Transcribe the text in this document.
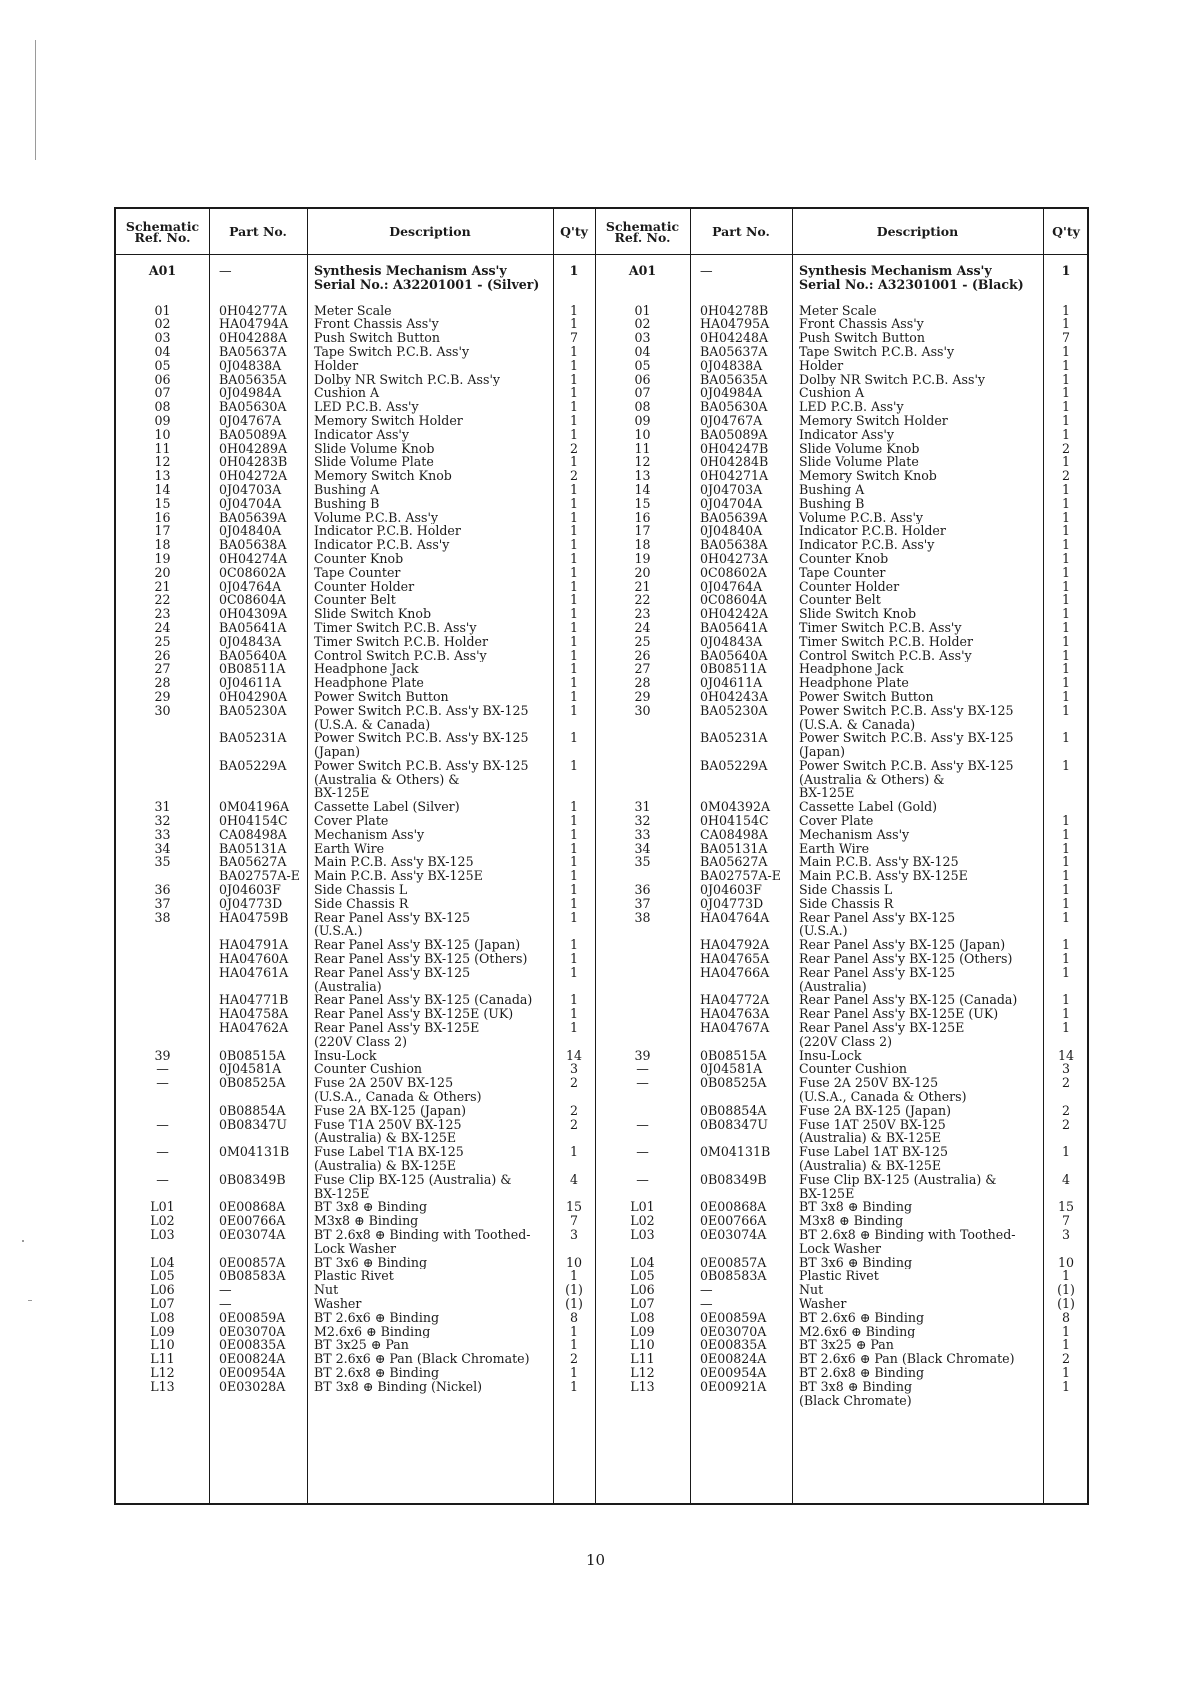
Schematic
Ref. No.	Part No.	Description	Q'ty	Schematic
Ref. No.	Part No.	Description	Q'ty
A01	—	Synthesis Mechanism Ass'y
Serial No.: A32201001 - (Silver)
1
01	0H04277A	Meter Scale	1
02	HA04794A	Front Chassis Ass'y	1
03	0H04288A	Push Switch Button	7
04	BA05637A	Tape Switch P.C.B. Ass'y	1
05	0J04838A	Holder	1
06	BA05635A	Dolby NR Switch P.C.B. Ass'y	1
07	0J04984A	Cushion A	1
08	BA05630A	LED P.C.B. Ass'y	1
09	0J04767A	Memory Switch Holder	1
10	BA05089A	Indicator Ass'y	1
11	0H04289A	Slide Volume Knob	2
12	0H04283B	Slide Volume Plate	1
13	0H04272A	Memory Switch Knob	2
14	0J04703A	Bushing A	1
15	0J04704A	Bushing B	1
16	BA05639A	Volume P.C.B. Ass'y	1
17	0J04840A	Indicator P.C.B. Holder	1
18	BA05638A	Indicator P.C.B. Ass'y	1
19	0H04274A	Counter Knob	1
20	0C08602A	Tape Counter	1
21	0J04764A	Counter Holder	1
22	0C08604A	Counter Belt	1
23	0H04309A	Slide Switch Knob	1
24	BA05641A	Timer Switch P.C.B. Ass'y	1
25	0J04843A	Timer Switch P.C.B. Holder	1
26	BA05640A	Control Switch P.C.B. Ass'y	1
27	0B08511A	Headphone Jack	1
28	0J04611A	Headphone Plate	1
29	0H04290A	Power Switch Button	1
30	BA05230A	Power Switch P.C.B. Ass'y BX-125
(U.S.A. & Canada)
1
BA05231A	Power Switch P.C.B. Ass'y BX-125
(Japan)
1
BA05229A	Power Switch P.C.B. Ass'y BX-125
(Australia & Others) &
BX-125E
1
31	0M04196A	Cassette Label (Silver)	1
32	0H04154C	Cover Plate	1
33	CA08498A	Mechanism Ass'y	1
34	BA05131A	Earth Wire	1
35	BA05627A	Main P.C.B. Ass'y BX-125	1
BA02757A-E	Main P.C.B. Ass'y BX-125E	1
36	0J04603F	Side Chassis L	1
37	0J04773D	Side Chassis R	1
38	HA04759B	Rear Panel Ass'y BX-125
(U.S.A.)
1
HA04791A	Rear Panel Ass'y BX-125 (Japan)	1
HA04760A	Rear Panel Ass'y BX-125 (Others)	1
HA04761A	Rear Panel Ass'y BX-125
(Australia)
1
HA04771B	Rear Panel Ass'y BX-125 (Canada)	1
HA04758A	Rear Panel Ass'y BX-125E (UK)	1
HA04762A	Rear Panel Ass'y BX-125E
(220V Class 2)
1
39	0B08515A	Insu-Lock	14
—	0J04581A	Counter Cushion	3
—	0B08525A	Fuse 2A 250V BX-125
(U.S.A., Canada & Others)
2
0B08854A	Fuse 2A BX-125 (Japan)	2
—	0B08347U	Fuse T1A 250V BX-125
(Australia) & BX-125E
2
—	0M04131B	Fuse Label T1A BX-125
(Australia) & BX-125E
1
—	0B08349B	Fuse Clip BX-125 (Australia) &
BX-125E
4
L01	0E00868A	BT 3x8 ⊕ Binding	15
L02	0E00766A	M3x8 ⊕ Binding	7
L03	0E03074A	BT 2.6x8 ⊕ Binding with Toothed-
Lock Washer
3
L04	0E00857A	BT 3x6 ⊕ Binding	10
L05	0B08583A	Plastic Rivet	1
L06	—	Nut	(1)
L07	—	Washer	(1)
L08	0E00859A	BT 2.6x6 ⊕ Binding	8
L09	0E03070A	M2.6x6 ⊕ Binding	1
L10	0E00835A	BT 3x25 ⊕ Pan	1
L11	0E00824A	BT 2.6x6 ⊕ Pan (Black Chromate)	2
L12	0E00954A	BT 2.6x8 ⊕ Binding	1
L13	0E03028A	BT 3x8 ⊕ Binding (Nickel)	1
A01	—	Synthesis Mechanism Ass'y
Serial No.: A32301001 - (Black)
1
01	0H04278B	Meter Scale	1
02	HA04795A	Front Chassis Ass'y	1
03	0H04248A	Push Switch Button	7
04	BA05637A	Tape Switch P.C.B. Ass'y	1
05	0J04838A	Holder	1
06	BA05635A	Dolby NR Switch P.C.B. Ass'y	1
07	0J04984A	Cushion A	1
08	BA05630A	LED P.C.B. Ass'y	1
09	0J04767A	Memory Switch Holder	1
10	BA05089A	Indicator Ass'y	1
11	0H04247B	Slide Volume Knob	2
12	0H04284B	Slide Volume Plate	1
13	0H04271A	Memory Switch Knob	2
14	0J04703A	Bushing A	1
15	0J04704A	Bushing B	1
16	BA05639A	Volume P.C.B. Ass'y	1
17	0J04840A	Indicator P.C.B. Holder	1
18	BA05638A	Indicator P.C.B. Ass'y	1
19	0H04273A	Counter Knob	1
20	0C08602A	Tape Counter	1
21	0J04764A	Counter Holder	1
22	0C08604A	Counter Belt	1
23	0H04242A	Slide Switch Knob	1
24	BA05641A	Timer Switch P.C.B. Ass'y	1
25	0J04843A	Timer Switch P.C.B. Holder	1
26	BA05640A	Control Switch P.C.B. Ass'y	1
27	0B08511A	Headphone Jack	1
28	0J04611A	Headphone Plate	1
29	0H04243A	Power Switch Button	1
30	BA05230A	Power Switch P.C.B. Ass'y BX-125
(U.S.A. & Canada)
1
BA05231A	Power Switch P.C.B. Ass'y BX-125
(Japan)
1
BA05229A	Power Switch P.C.B. Ass'y BX-125
(Australia & Others) &
BX-125E
1
31	0M04392A	Cassette Label (Gold)
32	0H04154C	Cover Plate	1
33	CA08498A	Mechanism Ass'y	1
34	BA05131A	Earth Wire	1
35	BA05627A	Main P.C.B. Ass'y BX-125	1
BA02757A-E	Main P.C.B. Ass'y BX-125E	1
36	0J04603F	Side Chassis L	1
37	0J04773D	Side Chassis R	1
38	HA04764A	Rear Panel Ass'y BX-125
(U.S.A.)
1
HA04792A	Rear Panel Ass'y BX-125 (Japan)	1
HA04765A	Rear Panel Ass'y BX-125 (Others)	1
HA04766A	Rear Panel Ass'y BX-125
(Australia)
1
HA04772A	Rear Panel Ass'y BX-125 (Canada)	1
HA04763A	Rear Panel Ass'y BX-125E (UK)	1
HA04767A	Rear Panel Ass'y BX-125E
(220V Class 2)
1
39	0B08515A	Insu-Lock	14
—	0J04581A	Counter Cushion	3
—	0B08525A	Fuse 2A 250V BX-125
(U.S.A., Canada & Others)
2
0B08854A	Fuse 2A BX-125 (Japan)	2
—	0B08347U	Fuse 1AT 250V BX-125
(Australia) & BX-125E
2
—	0M04131B	Fuse Label 1AT BX-125
(Australia) & BX-125E
1
—	0B08349B	Fuse Clip BX-125 (Australia) &
BX-125E
4
L01	0E00868A	BT 3x8 ⊕ Binding	15
L02	0E00766A	M3x8 ⊕ Binding	7
L03	0E03074A	BT 2.6x8 ⊕ Binding with Toothed-
Lock Washer
3
L04	0E00857A	BT 3x6 ⊕ Binding	10
L05	0B08583A	Plastic Rivet	1
L06	—	Nut	(1)
L07	—	Washer	(1)
L08	0E00859A	BT 2.6x6 ⊕ Binding	8
L09	0E03070A	M2.6x6 ⊕ Binding	1
L10	0E00835A	BT 3x25 ⊕ Pan	1
L11	0E00824A	BT 2.6x6 ⊕ Pan (Black Chromate)	2
L12	0E00954A	BT 2.6x8 ⊕ Binding	1
L13	0E00921A	BT 3x8 ⊕ Binding
(Black Chromate)
1
10
